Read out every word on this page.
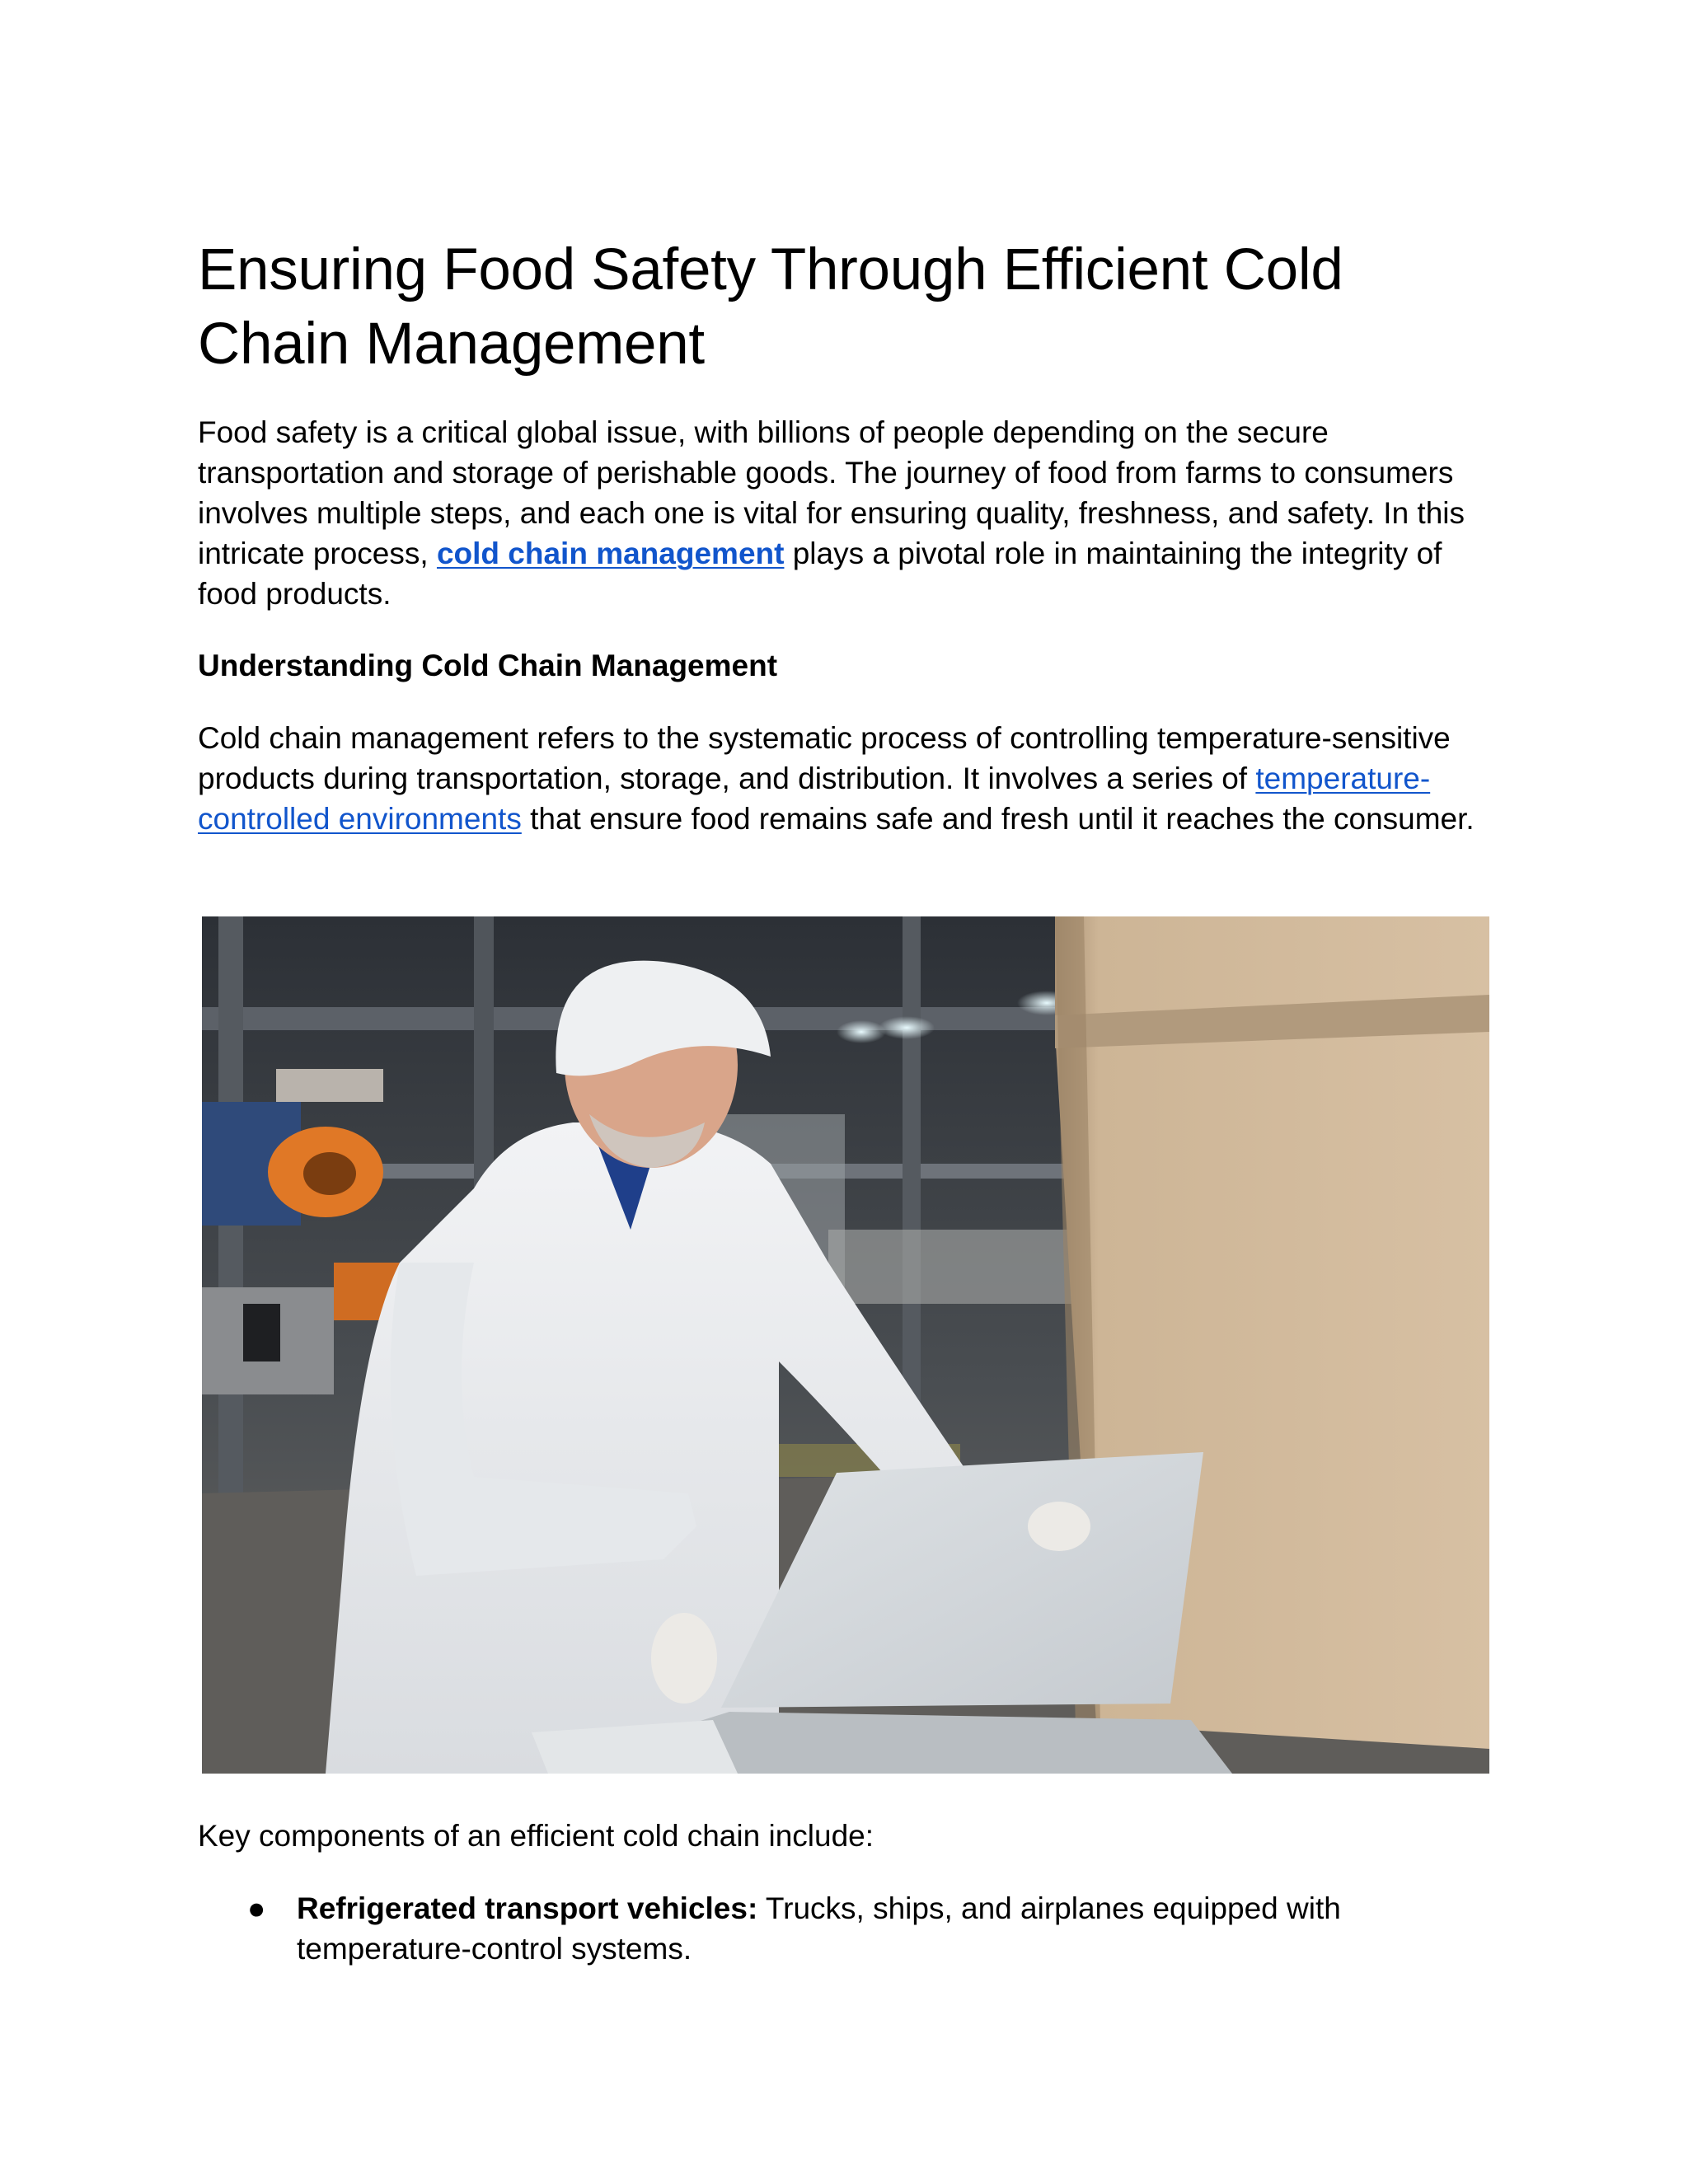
Ensuring Food Safety Through Efficient Cold Chain Management

Food safety is a critical global issue, with billions of people depending on the secure transportation and storage of perishable goods. The journey of food from farms to consumers involves multiple steps, and each one is vital for ensuring quality, freshness, and safety. In this intricate process, cold chain management plays a pivotal role in maintaining the integrity of food products.

Understanding Cold Chain Management

Cold chain management refers to the systematic process of controlling temperature-sensitive products during transportation, storage, and distribution. It involves a series of temperature-controlled environments that ensure food remains safe and fresh until it reaches the consumer.

Key components of an efficient cold chain include:

● Refrigerated transport vehicles: Trucks, ships, and airplanes equipped with temperature-control systems.
